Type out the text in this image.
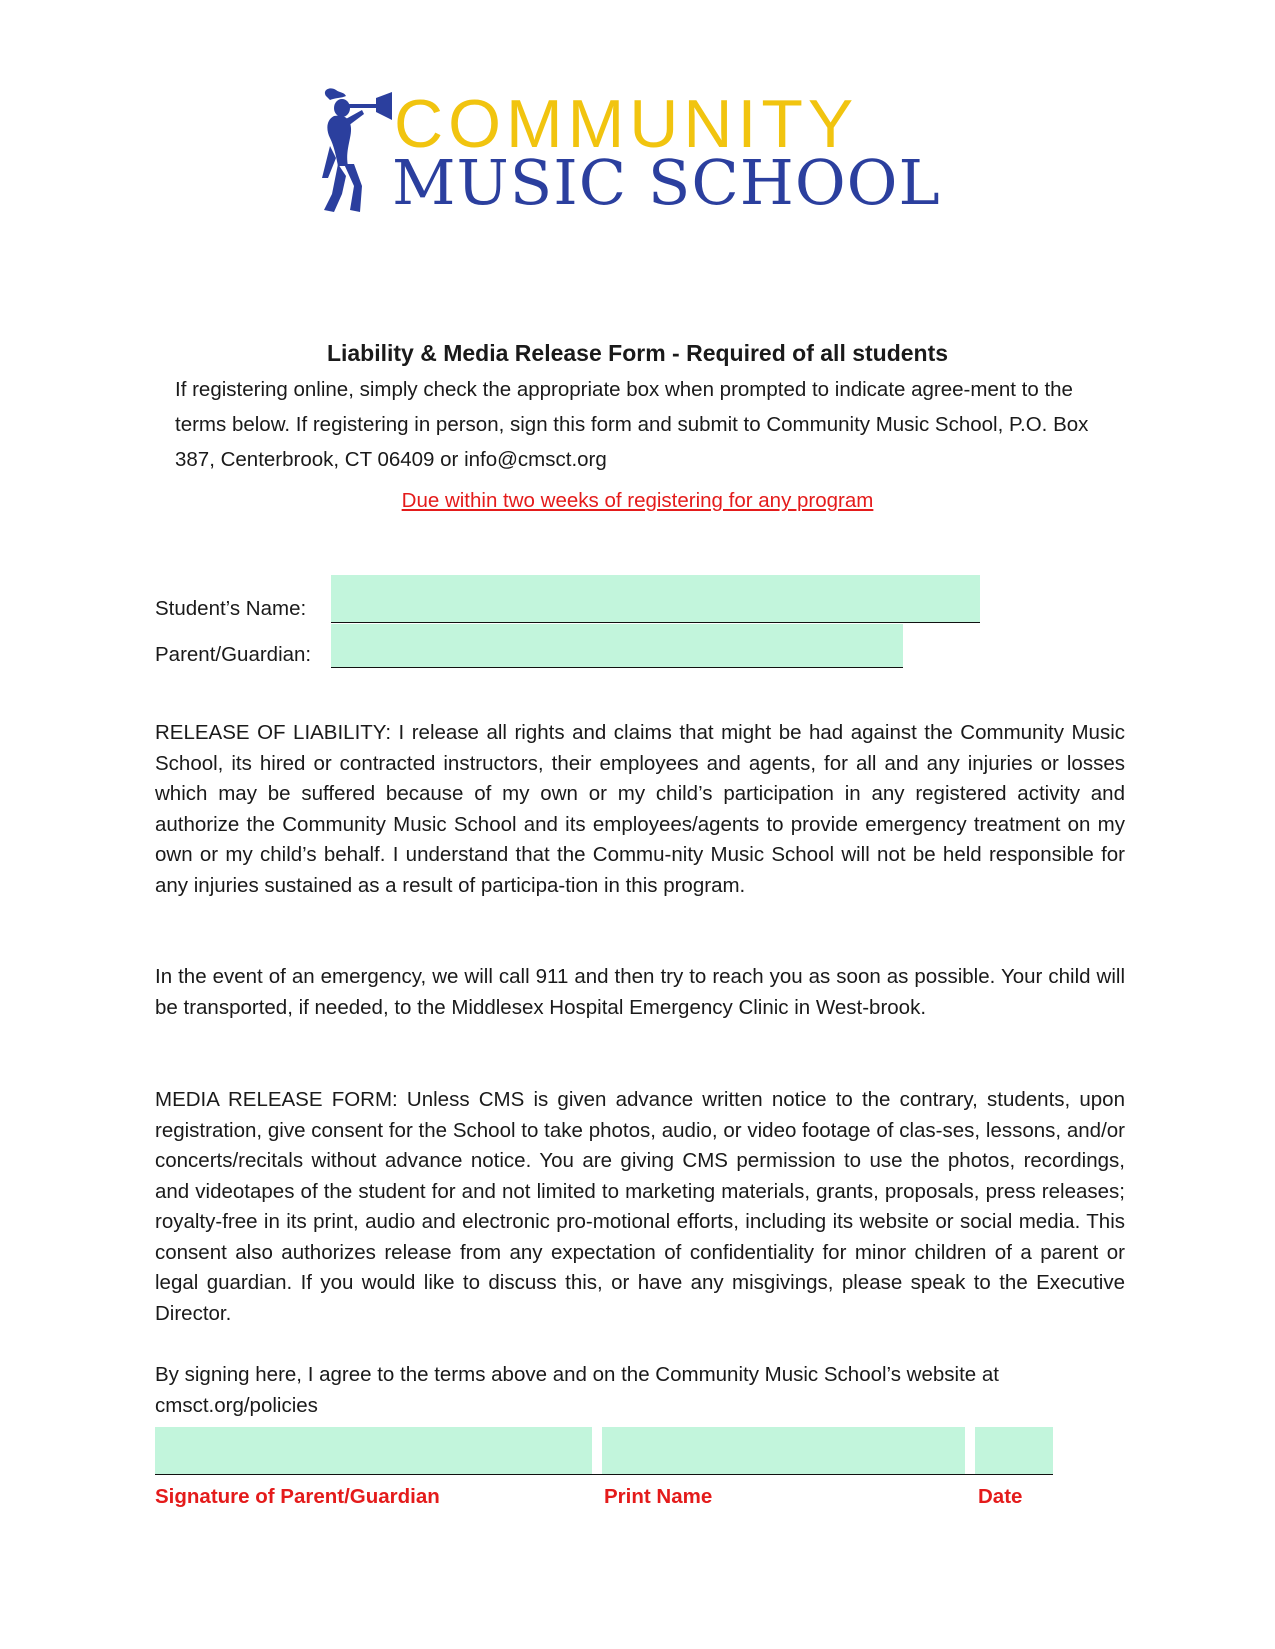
COMMUNITY
MUSIC SCHOOL
Liability & Media Release Form - Required of all students
If registering online, simply check the appropriate box when prompted to indicate agree-ment to the terms below. If registering in person, sign this form and submit to Community Music School, P.O. Box 387, Centerbrook, CT 06409 or info@cmsct.org
Due within two weeks of registering for any program
Student’s Name:
Parent/Guardian:

RELEASE OF LIABILITY: I release all rights and claims that might be had against the Community Music School, its hired or contracted instructors, their employees and agents, for all and any injuries or losses which may be suffered because of my own or my child’s participation in any registered activity and authorize the Community Music School and its employees/agents to provide emergency treatment on my own or my child’s behalf. I understand that the Commu-nity Music School will not be held responsible for any injuries sustained as a result of participa-tion in this program.

In the event of an emergency, we will call 911 and then try to reach you as soon as possible. Your child will be transported, if needed, to the Middlesex Hospital Emergency Clinic in West-brook.

MEDIA RELEASE FORM: Unless CMS is given advance written notice to the contrary, students, upon registration, give consent for the School to take photos, audio, or video footage of clas-ses, lessons, and/or concerts/recitals without advance notice. You are giving CMS permission to use the photos, recordings, and videotapes of the student for and not limited to marketing materials, grants, proposals, press releases; royalty-free in its print, audio and electronic pro-motional efforts, including its website or social media. This consent also authorizes release from any expectation of confidentiality for minor children of a parent or legal guardian. If you would like to discuss this, or have any misgivings, please speak to the Executive Director.

By signing here, I agree to the terms above and on the Community Music School’s website at cmsct.org/policies

Signature of Parent/Guardian	Print Name	Date
